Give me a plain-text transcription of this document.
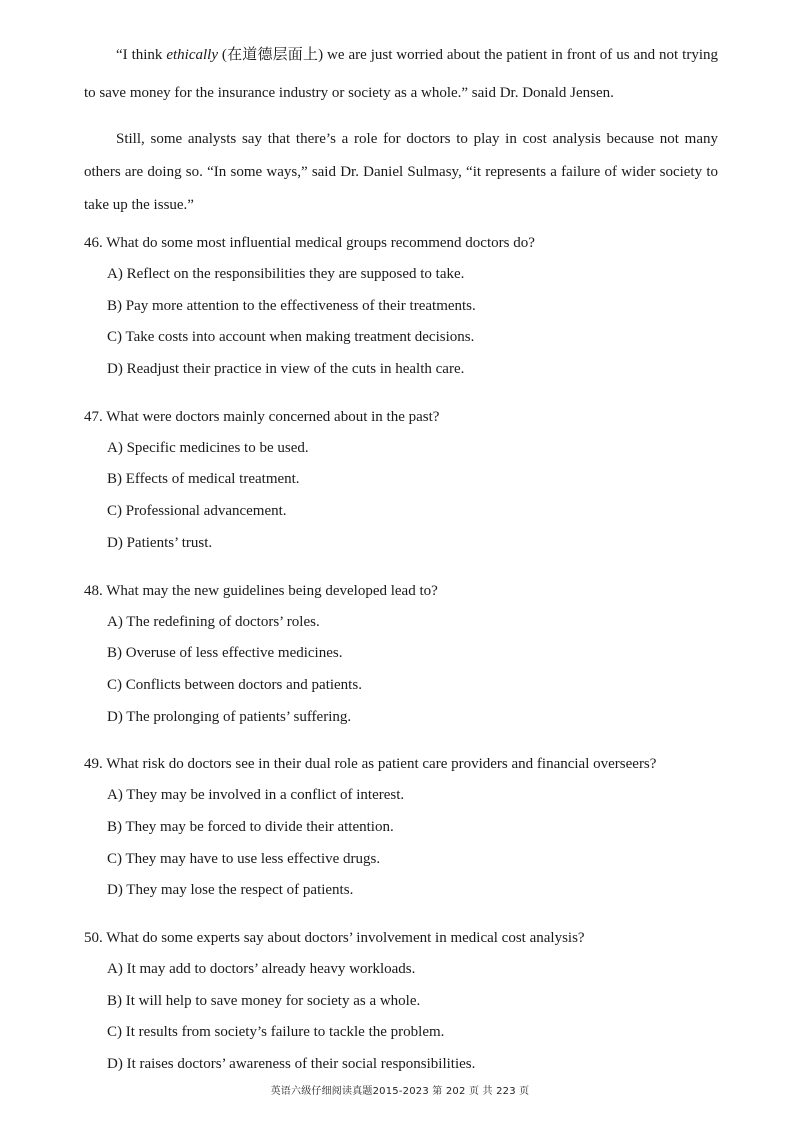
“I think ethically (在道德层面上) we are just worried about the patient in front of us and not trying to save money for the insurance industry or society as a whole.” said Dr. Donald Jensen.

Still, some analysts say that there’s a role for doctors to play in cost analysis because not many others are doing so. “In some ways,” said Dr. Daniel Sulmasy, “it represents a failure of wider society to take up the issue.”

46. What do some most influential medical groups recommend doctors do?
A) Reflect on the responsibilities they are supposed to take.
B) Pay more attention to the effectiveness of their treatments.
C) Take costs into account when making treatment decisions.
D) Readjust their practice in view of the cuts in health care.
47. What were doctors mainly concerned about in the past?
A) Specific medicines to be used.
B) Effects of medical treatment.
C) Professional advancement.
D) Patients’ trust.
48. What may the new guidelines being developed lead to?
A) The redefining of doctors’ roles.
B) Overuse of less effective medicines.
C) Conflicts between doctors and patients.
D) The prolonging of patients’ suffering.
49. What risk do doctors see in their dual role as patient care providers and financial overseers?
A) They may be involved in a conflict of interest.
B) They may be forced to divide their attention.
C) They may have to use less effective drugs.
D) They may lose the respect of patients.
50. What do some experts say about doctors’ involvement in medical cost analysis?
A) It may add to doctors’ already heavy workloads.
B) It will help to save money for society as a whole.
C) It results from society’s failure to tackle the problem.
D) It raises doctors’ awareness of their social responsibilities.
英语六级仔细阅读真题2015-2023 第 202 页 共 223 页
